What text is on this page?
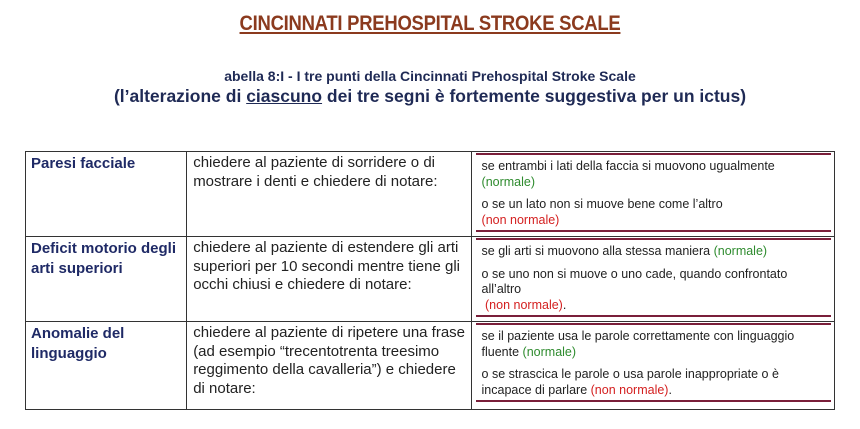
CINCINNATI PREHOSPITAL STROKE SCALE
abella 8:I - I tre punti della Cincinnati Prehospital Stroke Scale
(l’alterazione di ciascuno dei tre segni è fortemente suggestiva per un ictus)
Paresi facciale	chiedere al paziente di sorridere o di mostrare i denti e chiedere di notare:	se entrambi i lati della faccia si muovono ugualmente
(normale)

o se un lato non si muove bene come l’altro
(non normale)

Deficit motorio degli arti superiori	chiedere al paziente di estendere gli arti superiori per 10 secondi mentre tiene gli occhi chiusi e chiedere di notare:	se gli arti si muovono alla stessa maniera (normale)

o se uno non si muove o uno cade, quando confrontato all’altro
(non normale).

Anomalie del linguaggio	chiedere al paziente di ripetere una frase (ad esempio “trecentotrenta treesimo reggimento della cavalleria”) e chiedere di notare:	se il paziente usa le parole correttamente con linguaggio fluente (normale)

o se strascica le parole o usa parole inappropriate o è incapace di parlare (non normale).
